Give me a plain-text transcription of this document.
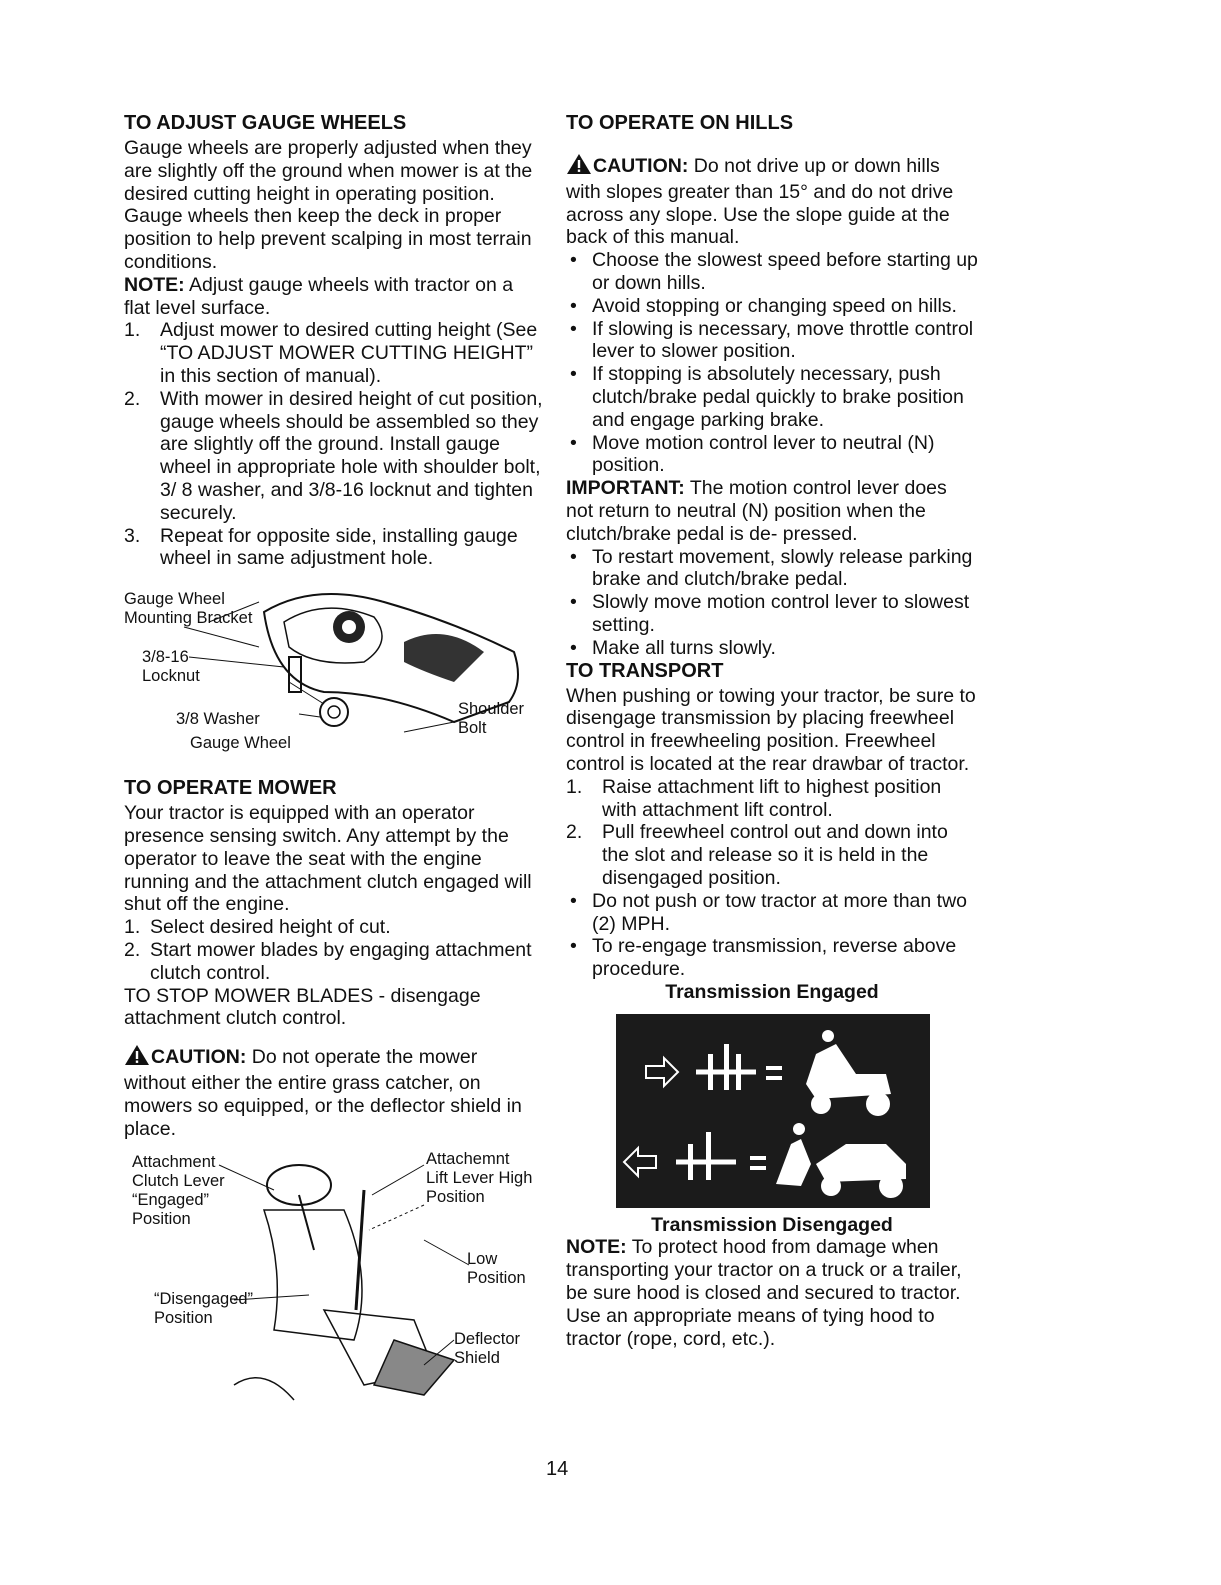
TO ADJUST GAUGE WHEELS

Gauge wheels are properly adjusted when they are slightly off the ground when mower is at the desired cutting height in operating position. Gauge wheels then keep the deck in proper position to help prevent scalping in most terrain conditions.

NOTE: Adjust gauge wheels with tractor on a flat level surface.

1. Adjust mower to desired cutting height (See “TO ADJUST MOWER CUTTING HEIGHT” in this section of manual).
2. With mower in desired height of cut position, gauge wheels should be assembled so they are slightly off the ground. Install gauge wheel in appropriate hole with shoulder bolt, 3/ 8 washer, and 3/8-16 locknut and tighten securely.
3. Repeat for opposite side, installing gauge wheel in same adjustment hole.
Gauge Wheel Mounting Bracket
3/8-16 Locknut
3/8 Washer
Gauge Wheel
Shoulder Bolt
TO OPERATE MOWER

Your tractor is equipped with an operator presence sensing switch. Any attempt by the operator to leave the seat with the engine running and the attachment clutch engaged will shut off the engine.

1. Select desired height of cut.
2. Start mower blades by engaging attachment clutch control.

TO STOP MOWER BLADES - disengage attachment clutch control.

CAUTION: Do not operate the mower without either the entire grass catcher, on mowers so equipped, or the deflector shield in place.

Attachment Clutch Lever “Engaged” Position
Attachemnt Lift Lever High Position
Low Position
“Disengaged” Position
Deflector Shield
TO OPERATE ON HILLS

CAUTION: Do not drive up or down hills with slopes greater than 15° and do not drive across any slope. Use the slope guide at the back of this manual.

• Choose the slowest speed before starting up or down hills.
• Avoid stopping or changing speed on hills.
• If slowing is necessary, move throttle control lever to slower position.
• If stopping is absolutely necessary, push clutch/brake pedal quickly to brake position and engage parking brake.
• Move motion control lever to neutral (N) position.

IMPORTANT: The motion control lever does not return to neutral (N) position when the clutch/brake pedal is de- pressed.

• To restart movement, slowly release parking brake and clutch/brake pedal.
• Slowly move motion control lever to slowest setting.
• Make all turns slowly.
TO TRANSPORT

When pushing or towing your tractor, be sure to disengage transmission by placing freewheel control in freewheeling position. Freewheel control is located at the rear drawbar of tractor.

1. Raise attachment lift to highest position with attachment lift control.
2. Pull freewheel control out and down into the slot and release so it is held in the disengaged position.
• Do not push or tow tractor at more than two (2) MPH.
• To re-engage transmission, reverse above procedure.
Transmission Engaged
Transmission Disengaged

NOTE: To protect hood from damage when transporting your tractor on a truck or a trailer, be sure hood is closed and secured to tractor. Use an appropriate means of tying hood to tractor (rope, cord, etc.).

14
